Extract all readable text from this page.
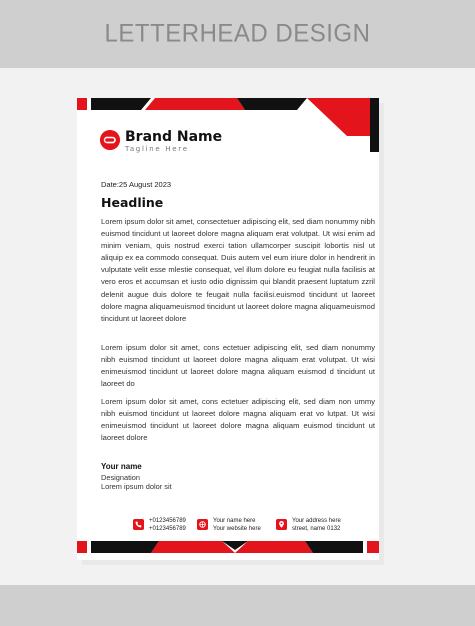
LETTERHEAD DESIGN
Brand Name
Tagline Here
Date:25 August 2023
Headline

Lorem ipsum dolor sit amet, consectetuer adipiscing elit, sed diam nonummy nibh euismod tincidunt ut laoreet dolore magna aliquam erat volutpat. Ut wisi enim ad minim veniam, quis nostrud exerci tation ullamcorper suscipit lobortis nisl ut aliquip ex ea commodo consequat. Duis autem vel eum iriure dolor in hendrerit in vulputate velit esse mlestie consequat, vel illum dolore eu feugiat nulla facilisis at vero eros et accumsan et iusto odio dignissim qui blandit praesent luptatum zzril delenit augue duis dolore te feugait nulla facilisi.euismod tincidunt ut laoreet dolore magna aliquameuismod tincidunt ut laoreet dolore magna aliquameuismod tincidunt ut laoreet dolore

Lorem ipsum dolor sit amet, cons ectetuer adipiscing elit, sed diam nonummy nibh euismod tincidunt ut laoreet dolore magna aliquam erat volutpat. Ut wisi enimeuismod tincidunt ut laoreet dolore magna aliquam euismod d tincidunt ut laoreet do

Lorem ipsum dolor sit amet, cons ectetuer adipiscing elit, sed diam non ummy nibh euismod tincidunt ut laoreet dolore magna aliquam erat vo lutpat. Ut wisi enimeuismod tincidunt ut laoreet dolore magna aliquam euismod tincidunt ut laoreet dolore

Your name
Designation
Lorem ipsum dolor sit
+0123456789
+0123456789
Your name here
Your website here
Your address here
street, name 0132
